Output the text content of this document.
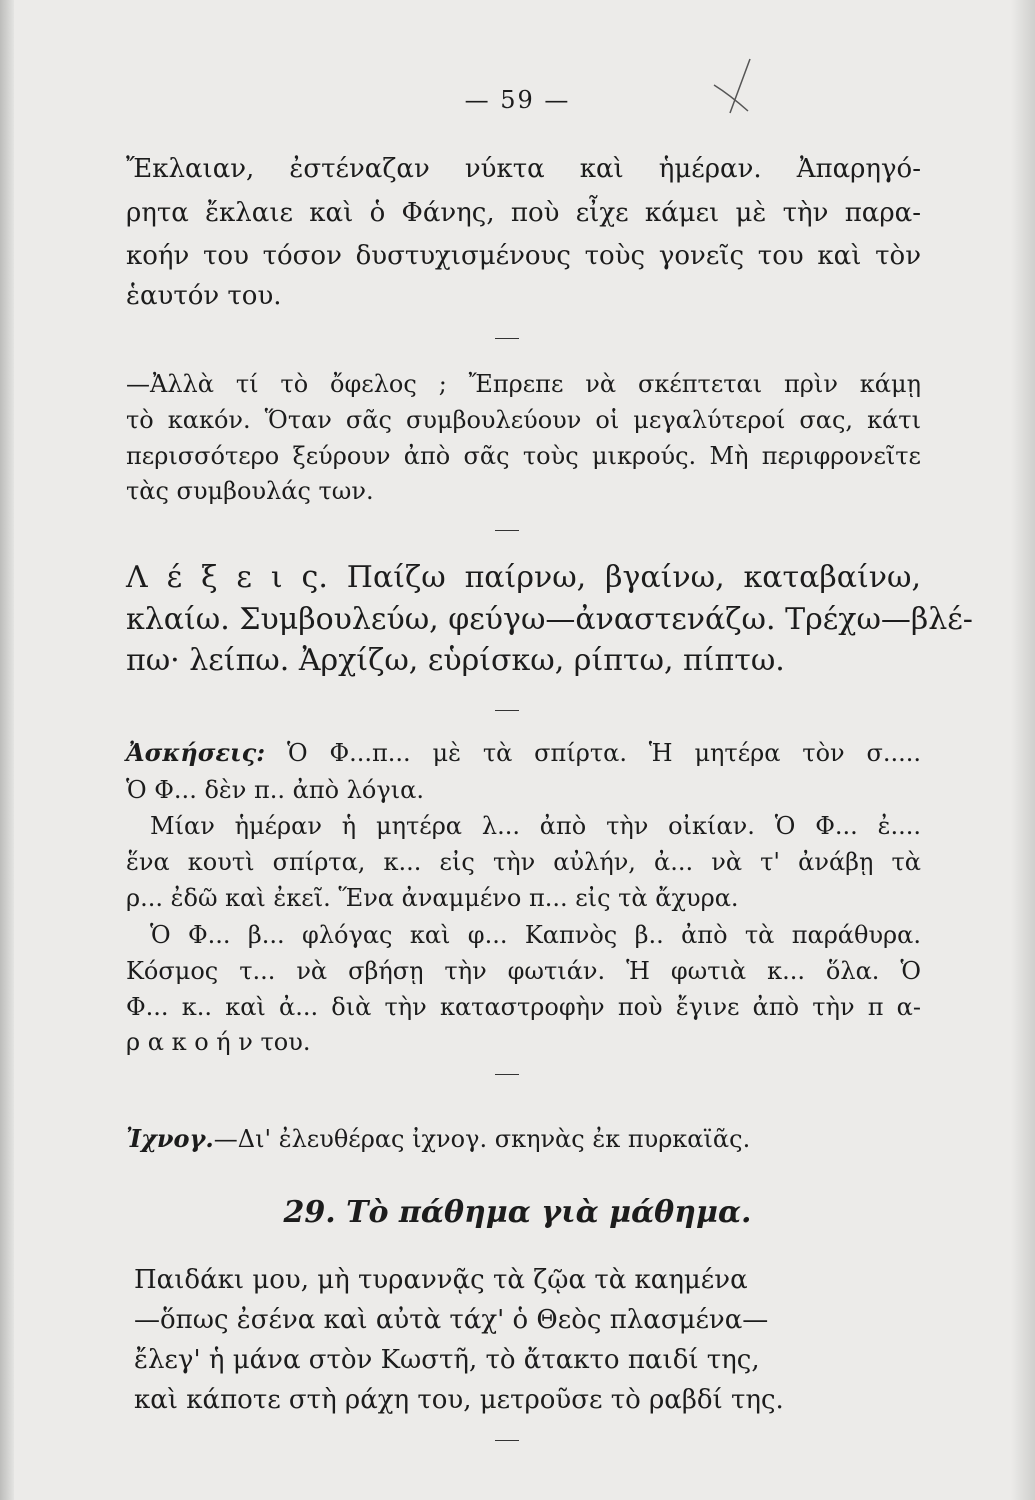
— 59 —
Ἔκλαιαν, ἐστέναζαν νύκτα καὶ ἡμέραν. Ἀπαρηγό-
ρητα ἔκλαιε καὶ ὁ Φάνης, ποὺ εἶχε κάμει μὲ τὴν παρα-
κοήν του τόσον δυστυχισμένους τοὺς γονεῖς του καὶ τὸν
ἑαυτόν του.
—Ἀλλὰ τί τὸ ὄφελος ; Ἔπρεπε νὰ σκέπτεται πρὶν κάμῃ
τὸ κακόν. Ὅταν σᾶς συμβουλεύουν οἱ μεγαλύτεροί σας, κάτι
περισσότερο ξεύρουν ἀπὸ σᾶς τοὺς μικρούς. Μὴ περιφρονεῖτε
τὰς συμβουλάς των.
Λ έ ξ ε ι ς. Παίζω παίρνω, βγαίνω, καταβαίνω,
κλαίω. Συμβουλεύω, φεύγω—ἀναστενάζω. Τρέχω—βλέ-
πω· λείπω. Ἀρχίζω, εὑρίσκω, ρίπτω, πίπτω.
Ἀσκήσεις: Ὁ Φ...π... μὲ τὰ σπίρτα. Ἡ μητέρα τὸν σ.....
Ὁ Φ... δὲν π.. ἀπὸ λόγια.
Μίαν ἡμέραν ἡ μητέρα λ... ἀπὸ τὴν οἰκίαν. Ὁ Φ... ἐ....
ἕνα κουτὶ σπίρτα, κ... εἰς τὴν αὐλήν, ἀ... νὰ τ' ἀνάβῃ τὰ
ρ... ἐδῶ καὶ ἐκεῖ. Ἕνα ἀναμμένο π... εἰς τὰ ἄχυρα.
Ὁ Φ... β... φλόγας καὶ φ... Καπνὸς β.. ἀπὸ τὰ παράθυρα.
Κόσμος τ... νὰ σβήσῃ τὴν φωτιάν. Ἡ φωτιὰ κ... ὅλα. Ὁ
Φ... κ.. καὶ ἀ... διὰ τὴν καταστροφὴν ποὺ ἔγινε ἀπὸ τὴν π α-
ρ α κ ο ή ν του.
Ἰχνογ.—Δι' ἐλευθέρας ἰχνογ. σκηνὰς ἐκ πυρκαϊᾶς.
29. Τὸ πάθημα γιὰ μάθημα.
Παιδάκι μου, μὴ τυραννᾷς τὰ ζῷα τὰ καημένα
—ὅπως ἐσένα καὶ αὐτὰ τάχ' ὁ Θεὸς πλασμένα—
ἔλεγ' ἡ μάνα στὸν Κωστῆ, τὸ ἄτακτο παιδί της,
καὶ κάποτε στὴ ράχη του, μετροῦσε τὸ ραβδί της.
